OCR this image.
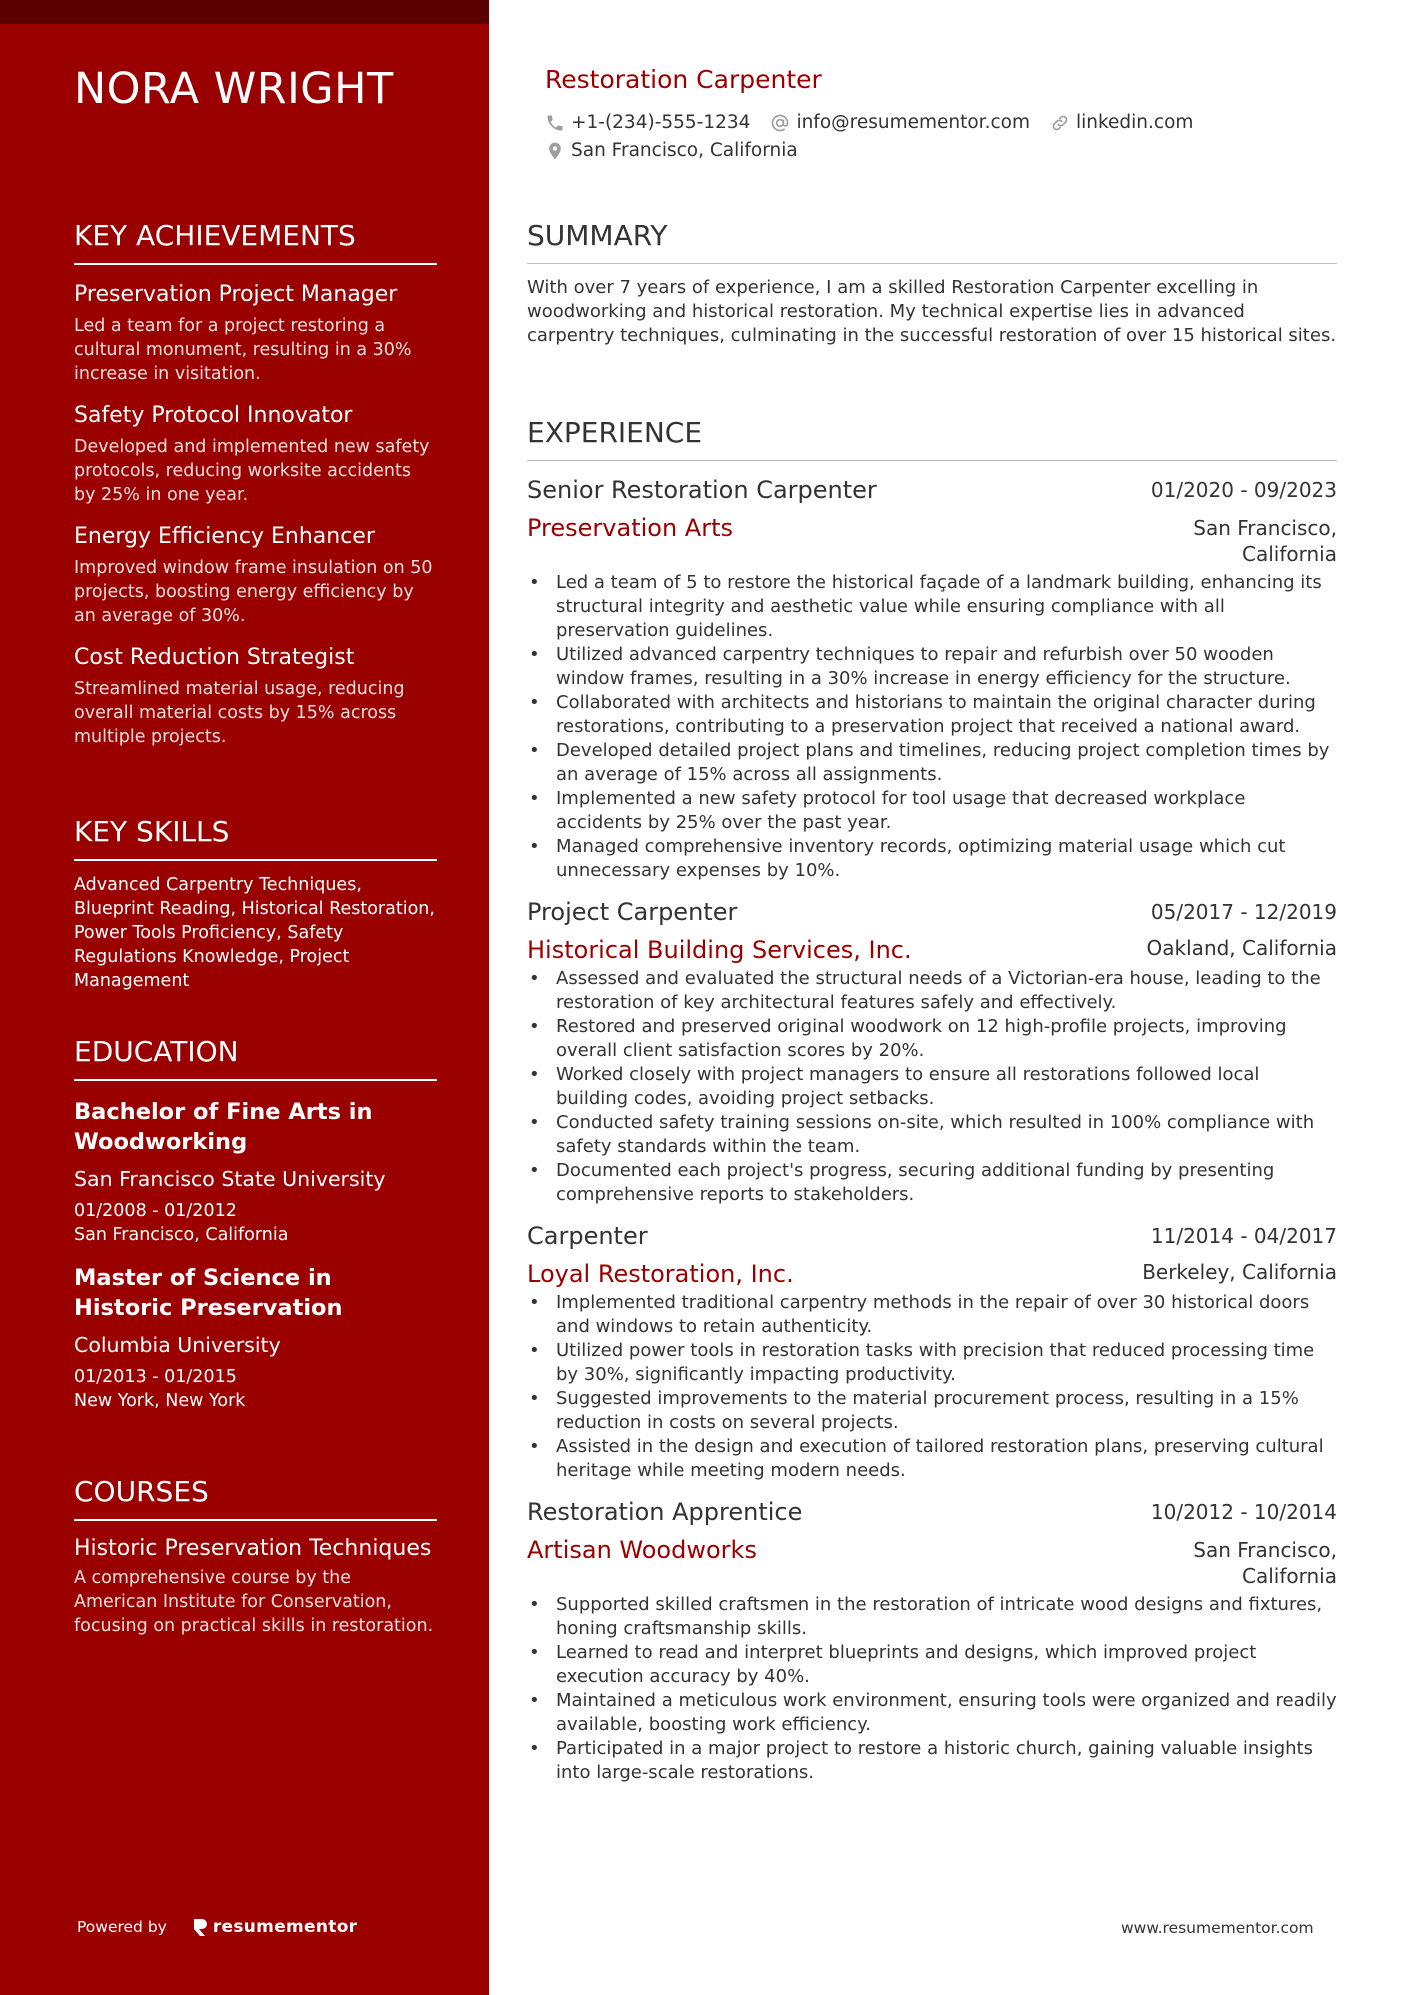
NORA WRIGHT
KEY ACHIEVEMENTS
Preservation Project Manager
Led a team for a project restoring a cultural monument, resulting in a 30% increase in visitation.
Safety Protocol Innovator
Developed and implemented new safety protocols, reducing worksite accidents by 25% in one year.
Energy Efficiency Enhancer
Improved window frame insulation on 50 projects, boosting energy efficiency by an average of 30%.
Cost Reduction Strategist
Streamlined material usage, reducing overall material costs by 15% across multiple projects.
KEY SKILLS
Advanced Carpentry Techniques, Blueprint Reading, Historical Restoration, Power Tools Proficiency, Safety Regulations Knowledge, Project Management
EDUCATION
Bachelor of Fine Arts in Woodworking
San Francisco State University
01/2008 - 01/2012
San Francisco, California
Master of Science in Historic Preservation
Columbia University
01/2013 - 01/2015
New York, New York
COURSES
Historic Preservation Techniques
A comprehensive course by the American Institute for Conservation, focusing on practical skills in restoration.
Powered by	resumementor
Restoration Carpenter
+1-(234)-555-1234 info@resumementor.com linkedin.com
San Francisco, California
SUMMARY
With over 7 years of experience, I am a skilled Restoration Carpenter excelling in woodworking and historical restoration. My technical expertise lies in advanced carpentry techniques, culminating in the successful restoration of over 15 historical sites.
EXPERIENCE
Senior Restoration Carpenter	01/2020 - 09/2023
Preservation Arts	San Francisco, California
• Led a team of 5 to restore the historical façade of a landmark building, enhancing its structural integrity and aesthetic value while ensuring compliance with all preservation guidelines.
• Utilized advanced carpentry techniques to repair and refurbish over 50 wooden window frames, resulting in a 30% increase in energy efficiency for the structure.
• Collaborated with architects and historians to maintain the original character during restorations, contributing to a preservation project that received a national award.
• Developed detailed project plans and timelines, reducing project completion times by an average of 15% across all assignments.
• Implemented a new safety protocol for tool usage that decreased workplace accidents by 25% over the past year.
• Managed comprehensive inventory records, optimizing material usage which cut unnecessary expenses by 10%.
Project Carpenter	05/2017 - 12/2019
Historical Building Services, Inc.	Oakland, California
• Assessed and evaluated the structural needs of a Victorian-era house, leading to the restoration of key architectural features safely and effectively.
• Restored and preserved original woodwork on 12 high-profile projects, improving overall client satisfaction scores by 20%.
• Worked closely with project managers to ensure all restorations followed local building codes, avoiding project setbacks.
• Conducted safety training sessions on-site, which resulted in 100% compliance with safety standards within the team.
• Documented each project's progress, securing additional funding by presenting comprehensive reports to stakeholders.
Carpenter	11/2014 - 04/2017
Loyal Restoration, Inc.	Berkeley, California
• Implemented traditional carpentry methods in the repair of over 30 historical doors and windows to retain authenticity.
• Utilized power tools in restoration tasks with precision that reduced processing time by 30%, significantly impacting productivity.
• Suggested improvements to the material procurement process, resulting in a 15% reduction in costs on several projects.
• Assisted in the design and execution of tailored restoration plans, preserving cultural heritage while meeting modern needs.
Restoration Apprentice	10/2012 - 10/2014
Artisan Woodworks	San Francisco, California
• Supported skilled craftsmen in the restoration of intricate wood designs and fixtures, honing craftsmanship skills.
• Learned to read and interpret blueprints and designs, which improved project execution accuracy by 40%.
• Maintained a meticulous work environment, ensuring tools were organized and readily available, boosting work efficiency.
• Participated in a major project to restore a historic church, gaining valuable insights into large-scale restorations.
www.resumementor.com
